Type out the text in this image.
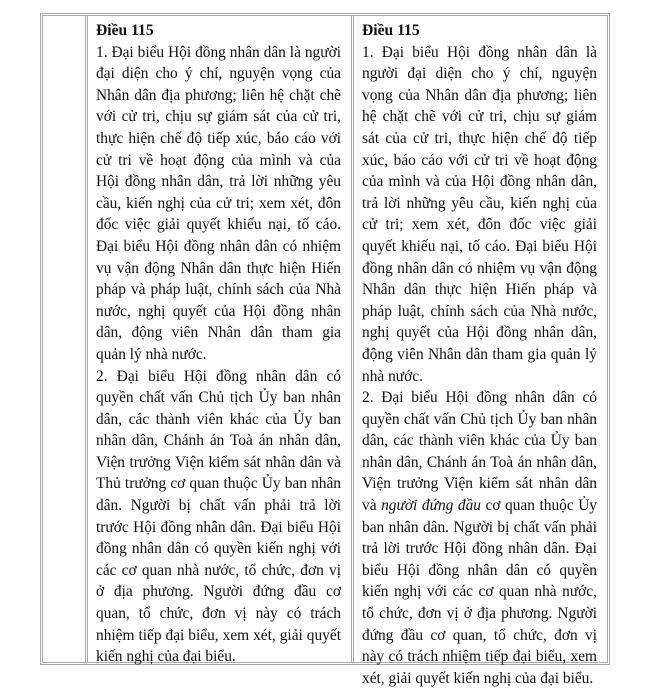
Điều 115

1. Đại biểu Hội đồng nhân dân là người đại diện cho ý chí, nguyện vọng của Nhân dân địa phương; liên hệ chặt chẽ với cử tri, chịu sự giám sát của cử tri, thực hiện chế độ tiếp xúc, báo cáo với cử tri về hoạt động của mình và của Hội đồng nhân dân, trả lời những yêu cầu, kiến nghị của cử tri; xem xét, đôn đốc việc giải quyết khiếu nại, tố cáo. Đại biểu Hội đồng nhân dân có nhiệm vụ vận động Nhân dân thực hiện Hiến pháp và pháp luật, chính sách của Nhà nước, nghị quyết của Hội đồng nhân dân, động viên Nhân dân tham gia quản lý nhà nước.

2. Đại biểu Hội đồng nhân dân có quyền chất vấn Chủ tịch Ủy ban nhân dân, các thành viên khác của Ủy ban nhân dân, Chánh án Toà án nhân dân, Viện trưởng Viện kiểm sát nhân dân và Thủ trưởng cơ quan thuộc Ủy ban nhân dân. Người bị chất vấn phải trả lời trước Hội đồng nhân dân. Đại biểu Hội đồng nhân dân có quyền kiến nghị với các cơ quan nhà nước, tổ chức, đơn vị ở địa phương. Người đứng đầu cơ quan, tổ chức, đơn vị này có trách nhiệm tiếp đại biểu, xem xét, giải quyết kiến nghị của đại biểu.

Điều 115

1. Đại biểu Hội đồng nhân dân là người đại diện cho ý chí, nguyện vọng của Nhân dân địa phương; liên hệ chặt chẽ với cử tri, chịu sự giám sát của cử tri, thực hiện chế độ tiếp xúc, báo cáo với cử tri về hoạt động của mình và của Hội đồng nhân dân, trả lời những yêu cầu, kiến nghị của cử tri; xem xét, đôn đốc việc giải quyết khiếu nại, tố cáo. Đại biểu Hội đồng nhân dân có nhiệm vụ vận động Nhân dân thực hiện Hiến pháp và pháp luật, chính sách của Nhà nước, nghị quyết của Hội đồng nhân dân, động viên Nhân dân tham gia quản lý nhà nước.

2. Đại biểu Hội đồng nhân dân có quyền chất vấn Chủ tịch Ủy ban nhân dân, các thành viên khác của Ủy ban nhân dân, Chánh án Toà án nhân dân, Viện trưởng Viện kiểm sát nhân dân và người đứng đầu cơ quan thuộc Ủy ban nhân dân. Người bị chất vấn phải trả lời trước Hội đồng nhân dân. Đại biểu Hội đồng nhân dân có quyền kiến nghị với các cơ quan nhà nước, tổ chức, đơn vị ở địa phương. Người đứng đầu cơ quan, tổ chức, đơn vị này có trách nhiệm tiếp đại biểu, xem xét, giải quyết kiến nghị của đại biểu.
